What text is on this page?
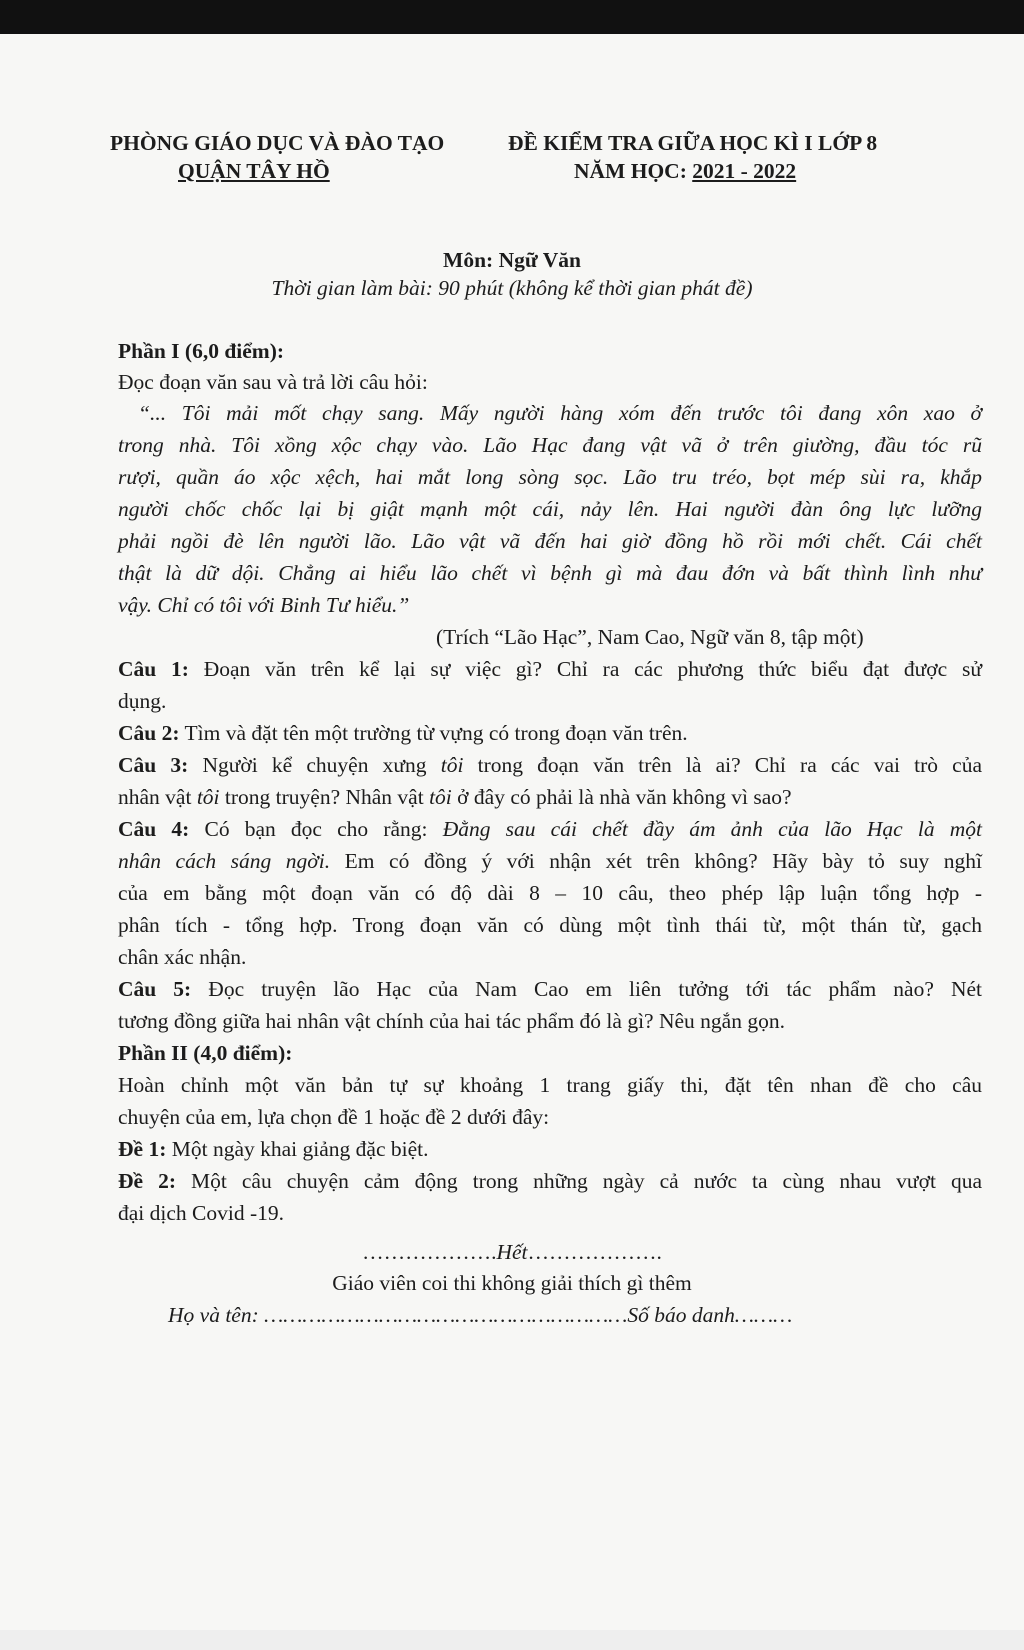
PHÒNG GIÁO DỤC VÀ ĐÀO TẠO
QUẬN TÂY HỒ
ĐỀ KIỂM TRA GIỮA HỌC KÌ I LỚP 8
NĂM HỌC: 2021 - 2022
Môn: Ngữ Văn
Thời gian làm bài: 90 phút (không kể thời gian phát đề)
Phần I (6,0 điểm):
Đọc đoạn văn sau và trả lời câu hỏi:
“... Tôi mải mốt chạy sang. Mấy người hàng xóm đến trước tôi đang xôn xao ở
trong nhà. Tôi xồng xộc chạy vào. Lão Hạc đang vật vã ở trên giường, đầu tóc rũ
rượi, quần áo xộc xệch, hai mắt long sòng sọc. Lão tru tréo, bọt mép sùi ra, khắp
người chốc chốc lại bị giật mạnh một cái, nảy lên. Hai người đàn ông lực lưỡng
phải ngồi đè lên người lão. Lão vật vã đến hai giờ đồng hồ rồi mới chết. Cái chết
thật là dữ dội. Chẳng ai hiểu lão chết vì bệnh gì mà đau đớn và bất thình lình như
vậy. Chỉ có tôi với Binh Tư hiểu.”
(Trích “Lão Hạc”, Nam Cao, Ngữ văn 8, tập một)
Câu 1: Đoạn văn trên kể lại sự việc gì? Chỉ ra các phương thức biểu đạt được sử
dụng.
Câu 2: Tìm và đặt tên một trường từ vựng có trong đoạn văn trên.
Câu 3: Người kể chuyện xưng tôi trong đoạn văn trên là ai? Chỉ ra các vai trò của
nhân vật tôi trong truyện? Nhân vật tôi ở đây có phải là nhà văn không vì sao?
Câu 4: Có bạn đọc cho rằng: Đằng sau cái chết đầy ám ảnh của lão Hạc là một
nhân cách sáng ngời. Em có đồng ý với nhận xét trên không? Hãy bày tỏ suy nghĩ
của em bằng một đoạn văn có độ dài 8 – 10 câu, theo phép lập luận tổng hợp -
phân tích - tổng hợp. Trong đoạn văn có dùng một tình thái từ, một thán từ, gạch
chân xác nhận.
Câu 5: Đọc truyện lão Hạc của Nam Cao em liên tưởng tới tác phẩm nào? Nét
tương đồng giữa hai nhân vật chính của hai tác phẩm đó là gì? Nêu ngắn gọn.
Phần II (4,0 điểm):
Hoàn chỉnh một văn bản tự sự khoảng 1 trang giấy thi, đặt tên nhan đề cho câu
chuyện của em, lựa chọn đề 1 hoặc đề 2 dưới đây:
Đề 1: Một ngày khai giảng đặc biệt.
Đề 2: Một câu chuyện cảm động trong những ngày cả nước ta cùng nhau vượt qua
đại dịch Covid -19.
……………….Hết……………….
Giáo viên coi thi không giải thích gì thêm
Họ và tên: …………………………………………………Số báo danh………
